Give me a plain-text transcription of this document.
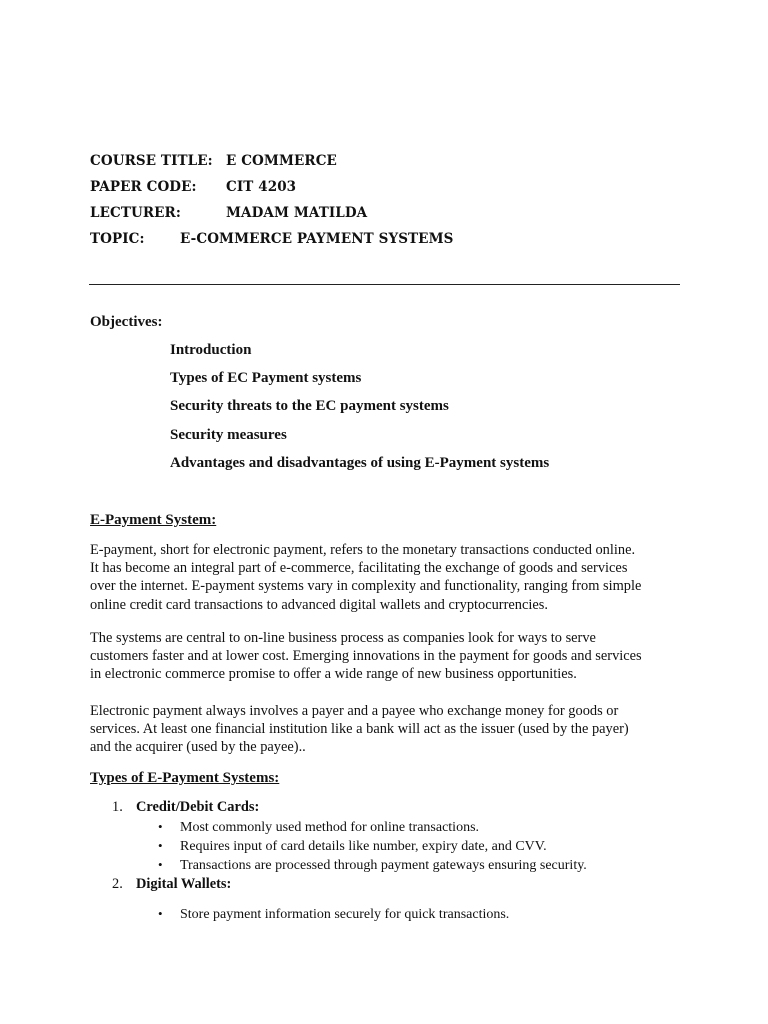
COURSE TITLE: E COMMERCE
PAPER CODE: CIT 4203
LECTURER:	MADAM MATILDA
TOPIC:	E-COMMERCE PAYMENT SYSTEMS
Objectives:
Introduction
Types of EC Payment systems
Security threats to the EC payment systems
Security measures
Advantages and disadvantages of using E-Payment systems
E-Payment System:
E-payment, short for electronic payment, refers to the monetary transactions conducted online.
It has become an integral part of e-commerce, facilitating the exchange of goods and services
over the internet. E-payment systems vary in complexity and functionality, ranging from simple
online credit card transactions to advanced digital wallets and cryptocurrencies.
The systems are central to on-line business process as companies look for ways to serve
customers faster and at lower cost. Emerging innovations in the payment for goods and services
in electronic commerce promise to offer a wide range of new business opportunities.
Electronic payment always involves a payer and a payee who exchange money for goods or
services. At least one financial institution like a bank will act as the issuer (used by the payer)
and the acquirer (used by the payee)..
Types of E-Payment Systems:
1. Credit/Debit Cards:
• Most commonly used method for online transactions.
• Requires input of card details like number, expiry date, and CVV.
• Transactions are processed through payment gateways ensuring security.
2. Digital Wallets:
• Store payment information securely for quick transactions.
